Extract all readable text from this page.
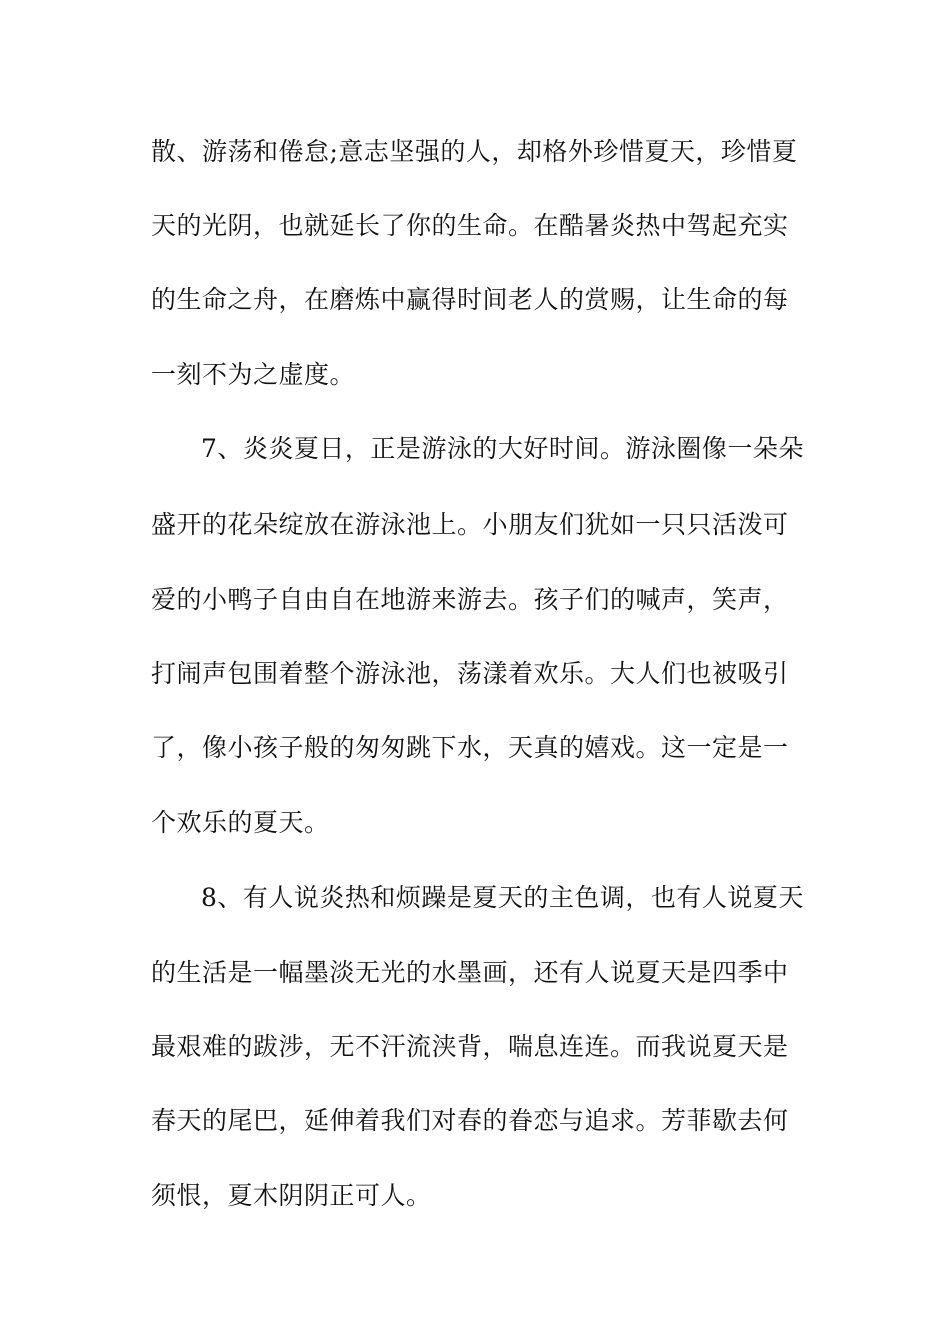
散、游荡和倦怠;意志坚强的人，却格外珍惜夏天，珍惜夏

天的光阴，也就延长了你的生命。在酷暑炎热中驾起充实

的生命之舟，在磨炼中赢得时间老人的赏赐，让生命的每

一刻不为之虚度。

7、炎炎夏日，正是游泳的大好时间。游泳圈像一朵朵

盛开的花朵绽放在游泳池上。小朋友们犹如一只只活泼可

爱的小鸭子自由自在地游来游去。孩子们的喊声，笑声，

打闹声包围着整个游泳池，荡漾着欢乐。大人们也被吸引

了，像小孩子般的匆匆跳下水，天真的嬉戏。这一定是一

个欢乐的夏天。

8、有人说炎热和烦躁是夏天的主色调，也有人说夏天

的生活是一幅墨淡无光的水墨画，还有人说夏天是四季中

最艰难的跋涉，无不汗流浃背，喘息连连。而我说夏天是

春天的尾巴，延伸着我们对春的眷恋与追求。芳菲歇去何

须恨，夏木阴阴正可人。
